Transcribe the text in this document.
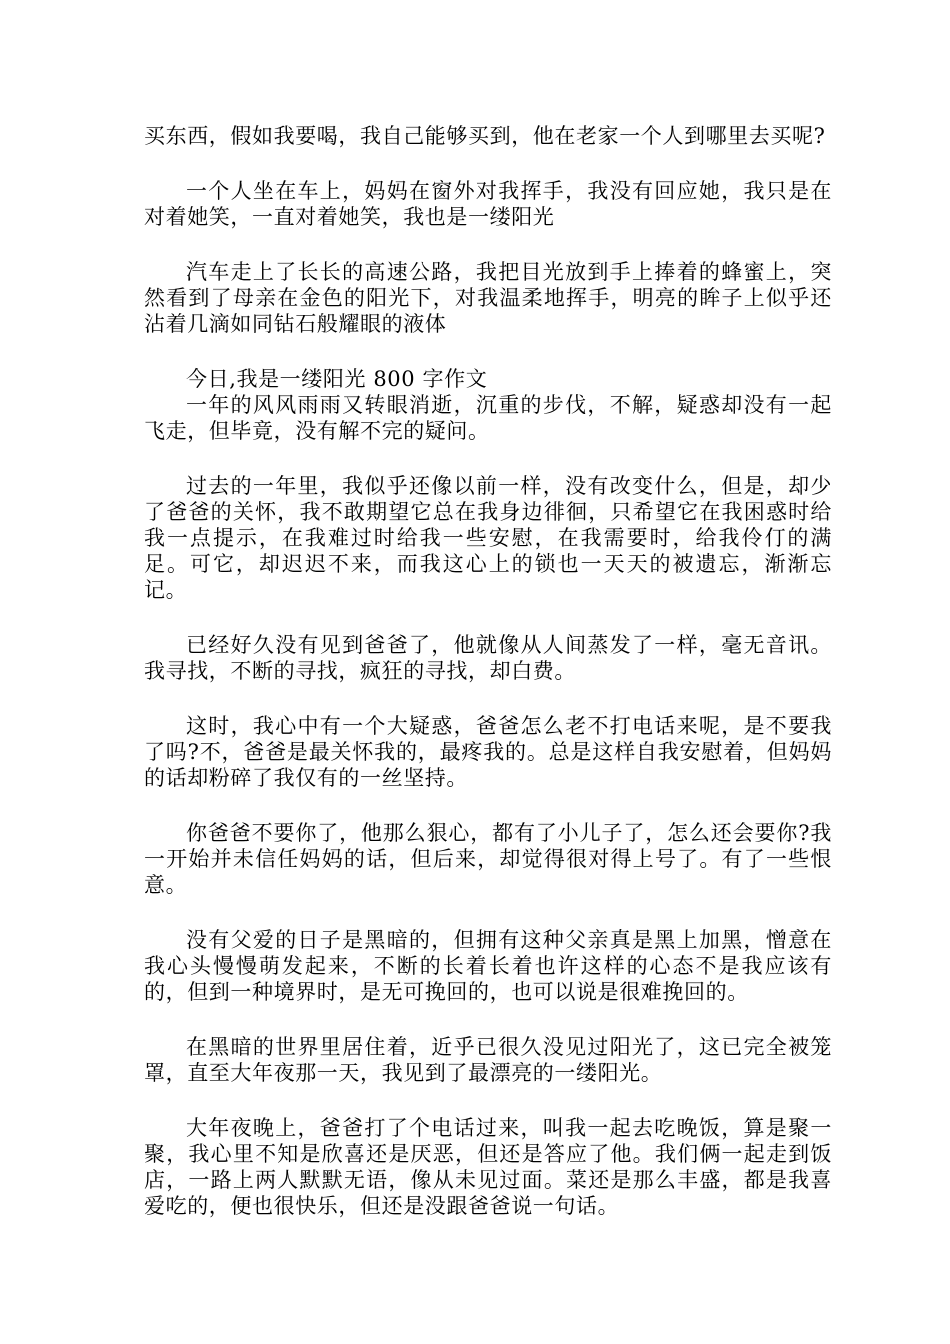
买东西，假如我要喝，我自己能够买到，他在老家一个人到哪里去买呢?

一个人坐在车上，妈妈在窗外对我挥手，我没有回应她，我只是在对着她笑，一直对着她笑，我也是一缕阳光

汽车走上了长长的高速公路，我把目光放到手上捧着的蜂蜜上，突然看到了母亲在金色的阳光下，对我温柔地挥手，明亮的眸子上似乎还沾着几滴如同钻石般耀眼的液体

今日,我是一缕阳光 800 字作文

一年的风风雨雨又转眼消逝，沉重的步伐，不解，疑惑却没有一起飞走，但毕竟，没有解不完的疑问。

过去的一年里，我似乎还像以前一样，没有改变什么，但是，却少了爸爸的关怀，我不敢期望它总在我身边徘徊，只希望它在我困惑时给我一点提示，在我难过时给我一些安慰，在我需要时，给我伶仃的满足。可它，却迟迟不来，而我这心上的锁也一天天的被遗忘，渐渐忘记。

已经好久没有见到爸爸了，他就像从人间蒸发了一样，毫无音讯。我寻找，不断的寻找，疯狂的寻找，却白费。

这时，我心中有一个大疑惑，爸爸怎么老不打电话来呢，是不要我了吗?不，爸爸是最关怀我的，最疼我的。总是这样自我安慰着，但妈妈的话却粉碎了我仅有的一丝坚持。

你爸爸不要你了，他那么狠心，都有了小儿子了，怎么还会要你?我一开始并未信任妈妈的话，但后来，却觉得很对得上号了。有了一些恨意。

没有父爱的日子是黑暗的，但拥有这种父亲真是黑上加黑，憎意在我心头慢慢萌发起来，不断的长着长着也许这样的心态不是我应该有的，但到一种境界时，是无可挽回的，也可以说是很难挽回的。

在黑暗的世界里居住着，近乎已很久没见过阳光了，这已完全被笼罩，直至大年夜那一天，我见到了最漂亮的一缕阳光。

大年夜晚上，爸爸打了个电话过来，叫我一起去吃晚饭，算是聚一聚，我心里不知是欣喜还是厌恶，但还是答应了他。我们俩一起走到饭店，一路上两人默默无语，像从未见过面。菜还是那么丰盛，都是我喜爱吃的，便也很快乐，但还是没跟爸爸说一句话。
